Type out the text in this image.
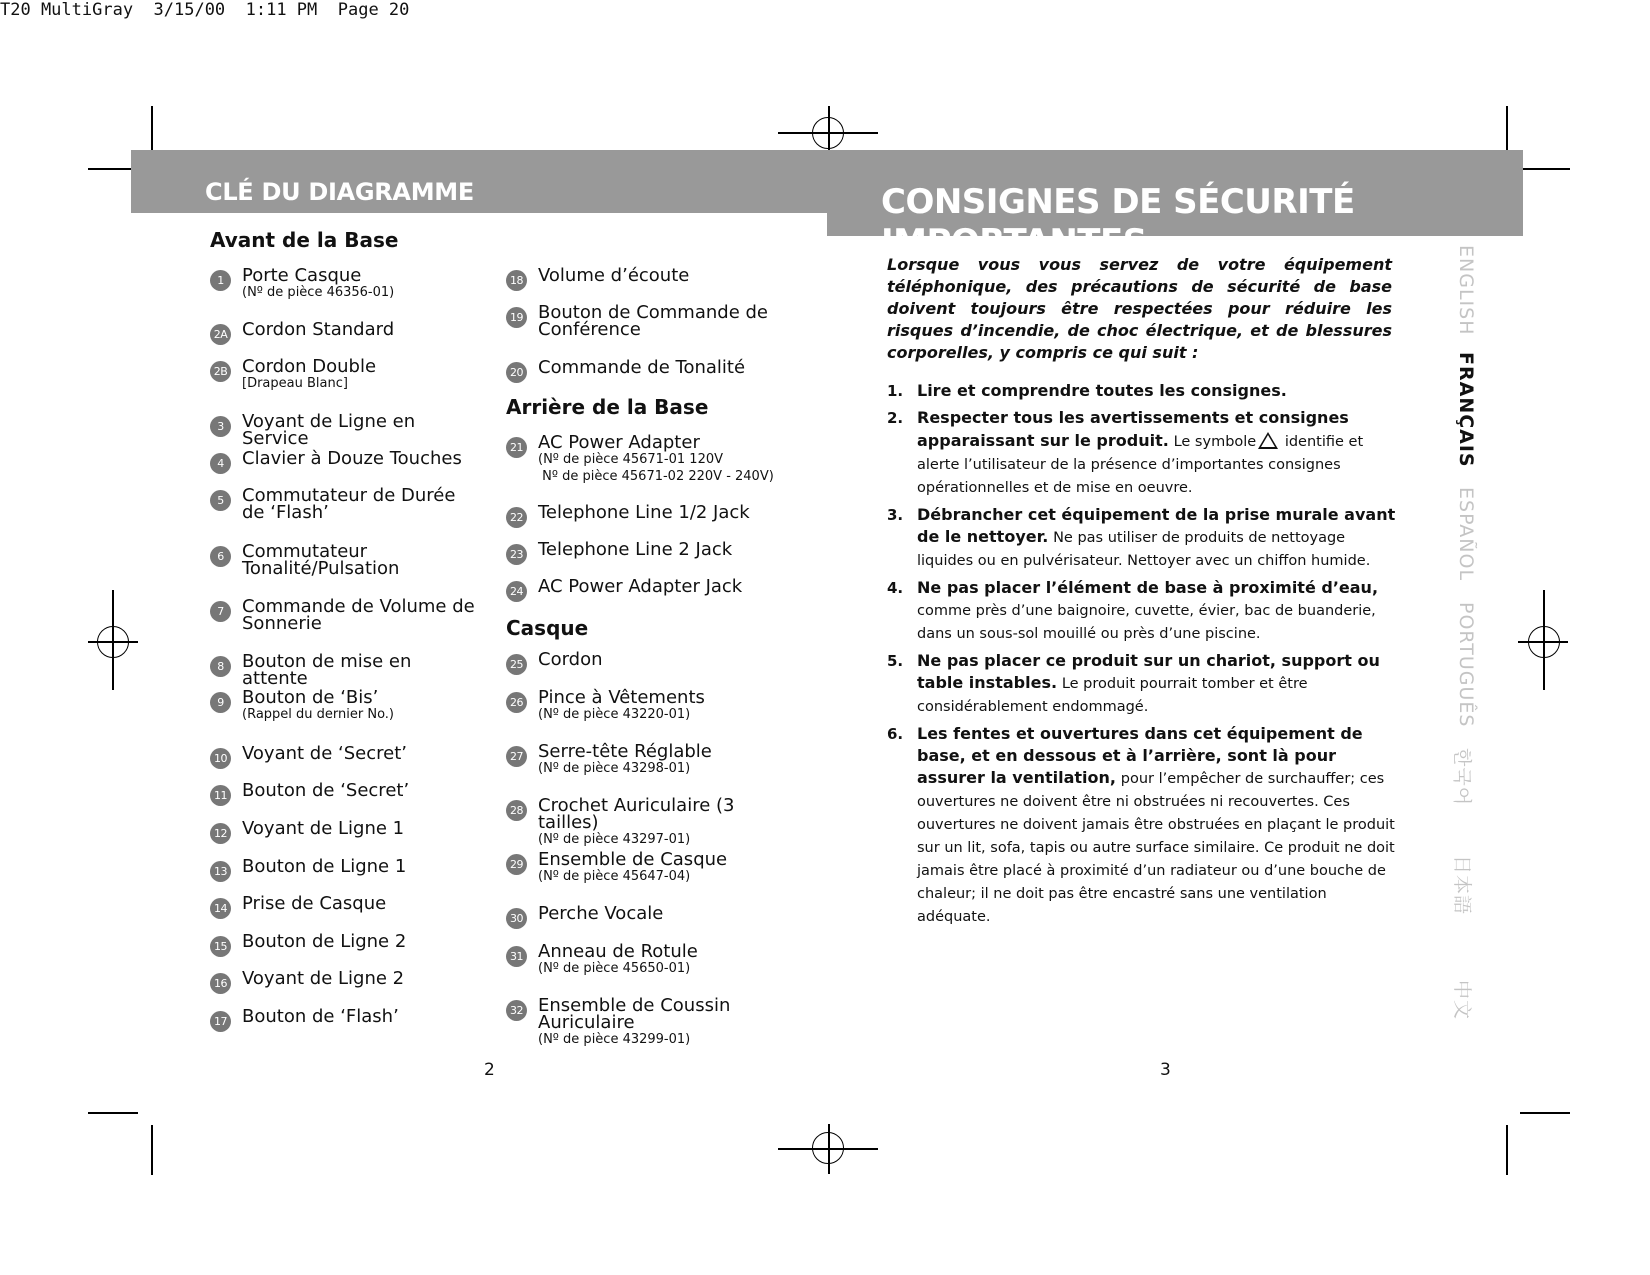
T20 MultiGray  3/15/00  1:11 PM  Page 20
CLÉ DU DIAGRAMME	CONSIGNES DE SÉCURITÉ IMPORTANTES
Avant de la Base
Arrière de la Base
Casque
1	Porte Casque
(Nº de pièce 46356-01)
2A Cordon Standard
2B Cordon Double
[Drapeau Blanc]
3	Voyant de Ligne en Service
4	Clavier à Douze Touches
5	Commutateur de Durée de ‘Flash’
6	Commutateur Tonalité/Pulsation
7	Commande de Volume de Sonnerie
8	Bouton de mise en attente
9	Bouton de ‘Bis’
(Rappel du dernier No.)
10 Voyant de ‘Secret’
11 Bouton de ‘Secret’
12 Voyant de Ligne 1
13 Bouton de Ligne 1
14 Prise de Casque
15 Bouton de Ligne 2
16 Voyant de Ligne 2
17 Bouton de ‘Flash’
18 Volume d’écoute
19 Bouton de Commande de Conférence
20 Commande de Tonalité
21 AC Power Adapter
(Nº de pièce 45671-01 120V
Nº de pièce 45671-02 220V - 240V)
22 Telephone Line 1/2 Jack
23 Telephone Line 2 Jack
24 AC Power Adapter Jack
25 Cordon
26 Pince à Vêtements
(Nº de pièce 43220-01)
27 Serre-tête Réglable
(Nº de pièce 43298-01)
28 Crochet Auriculaire (3 tailles)
(Nº de pièce 43297-01)
29 Ensemble de Casque
(Nº de pièce 45647-04)
30 Perche Vocale
31 Anneau de Rotule
(Nº de pièce 45650-01)
32 Ensemble de Coussin Auriculaire
(Nº de pièce 43299-01)
2	3
Lorsque vous vous servez de votre équipement téléphonique, des précautions de sécurité de base doivent toujours être respectées pour réduire les risques d’incendie, de choc électrique, et de blessures corporelles, y compris ce qui suit :
1. Lire et comprendre toutes les consignes.
2. Respecter tous les avertissements et consignes apparaissant sur le produit. Le symbole identifie et alerte l’utilisateur de la présence d’importantes consignes opérationnelles et de mise en oeuvre.
3. Débrancher cet équipement de la prise murale avant de le nettoyer. Ne pas utiliser de produits de nettoyage liquides ou en pulvérisateur. Nettoyer avec un chiffon humide.
4. Ne pas placer l’élément de base à proximité d’eau, comme près d’une baignoire, cuvette, évier, bac de buanderie, dans un sous-sol mouillé ou près d’une piscine.
5. Ne pas placer ce produit sur un chariot, support ou table instables. Le produit pourrait tomber et être considérablement endommagé.
6. Les fentes et ouvertures dans cet équipement de base, et en dessous et à l’arrière, sont là pour assurer la ventilation, pour l’empêcher de surchauffer; ces ouvertures ne doivent être ni obstruées ni recouvertes. Ces ouvertures ne doivent jamais être obstruées en plaçant le produit sur un lit, sofa, tapis ou autre surface similaire. Ce produit ne doit jamais être placé à proximité d’un radiateur ou d’une bouche de chaleur; il ne doit pas être encastré sans une ventilation adéquate.
ENGLISH
FRANÇAIS
ESPAÑOL
PORTUGUÊS
한국어
日本語
中文
